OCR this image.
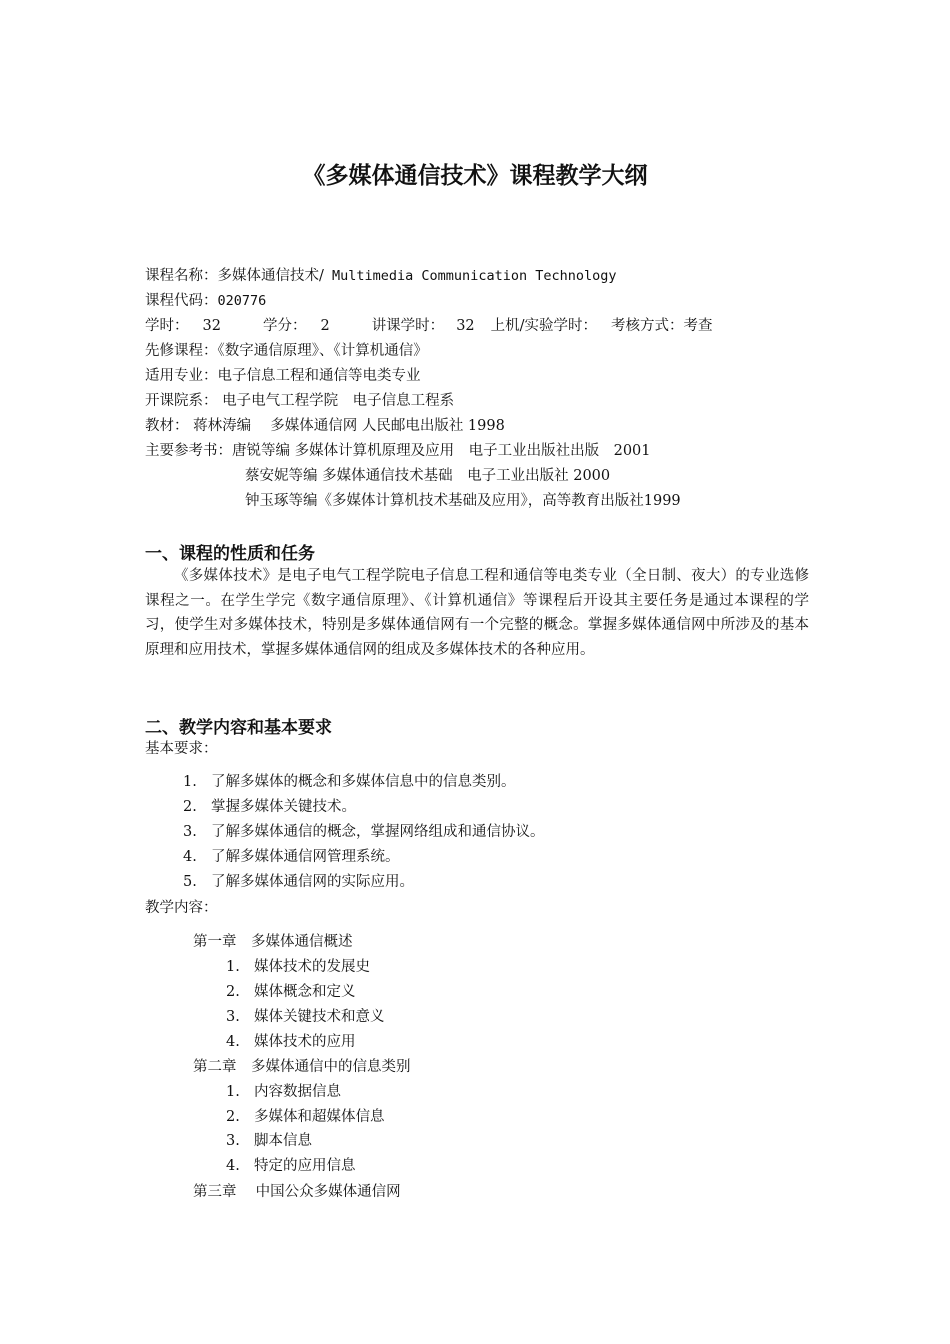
《多媒体通信技术》课程教学大纲
课程名称：多媒体通信技术/ Multimedia Communication Technology
课程代码：020776
学时： 32	学分： 2	讲课学时： 32 上机/实验学时： 考核方式：考查
先修课程：《数字通信原理》、《计算机通信》
适用专业：电子信息工程和通信等电类专业
开课院系： 电子电气工程学院　电子信息工程系
教材： 蒋林涛编　 多媒体通信网 人民邮电出版社 1998
主要参考书：唐锐等编 多媒体计算机原理及应用　电子工业出版社出版　2001
蔡安妮等编 多媒体通信技术基础　电子工业出版社 2000
钟玉琢等编《多媒体计算机技术基础及应用》，高等教育出版社1999
一、课程的性质和任务
《多媒体技术》是电子电气工程学院电子信息工程和通信等电类专业（全日制、夜大）的专业选修课程之一。在学生学完《数字通信原理》、《计算机通信》等课程后开设其主要任务是通过本课程的学习，使学生对多媒体技术，特别是多媒体通信网有一个完整的概念。掌握多媒体通信网中所涉及的基本原理和应用技术，掌握多媒体通信网的组成及多媒体技术的各种应用。
二、教学内容和基本要求
基本要求：
1. 了解多媒体的概念和多媒体信息中的信息类别。
2. 掌握多媒体关键技术。
3. 了解多媒体通信的概念，掌握网络组成和通信协议。
4. 了解多媒体通信网管理系统。
5. 了解多媒体通信网的实际应用。
教学内容：
第一章　多媒体通信概述
1. 媒体技术的发展史
2. 媒体概念和定义
3. 媒体关键技术和意义
4. 媒体技术的应用
第二章　多媒体通信中的信息类别
1. 内容数据信息
2. 多媒体和超媒体信息
3. 脚本信息
4. 特定的应用信息
第三章　 中国公众多媒体通信网
